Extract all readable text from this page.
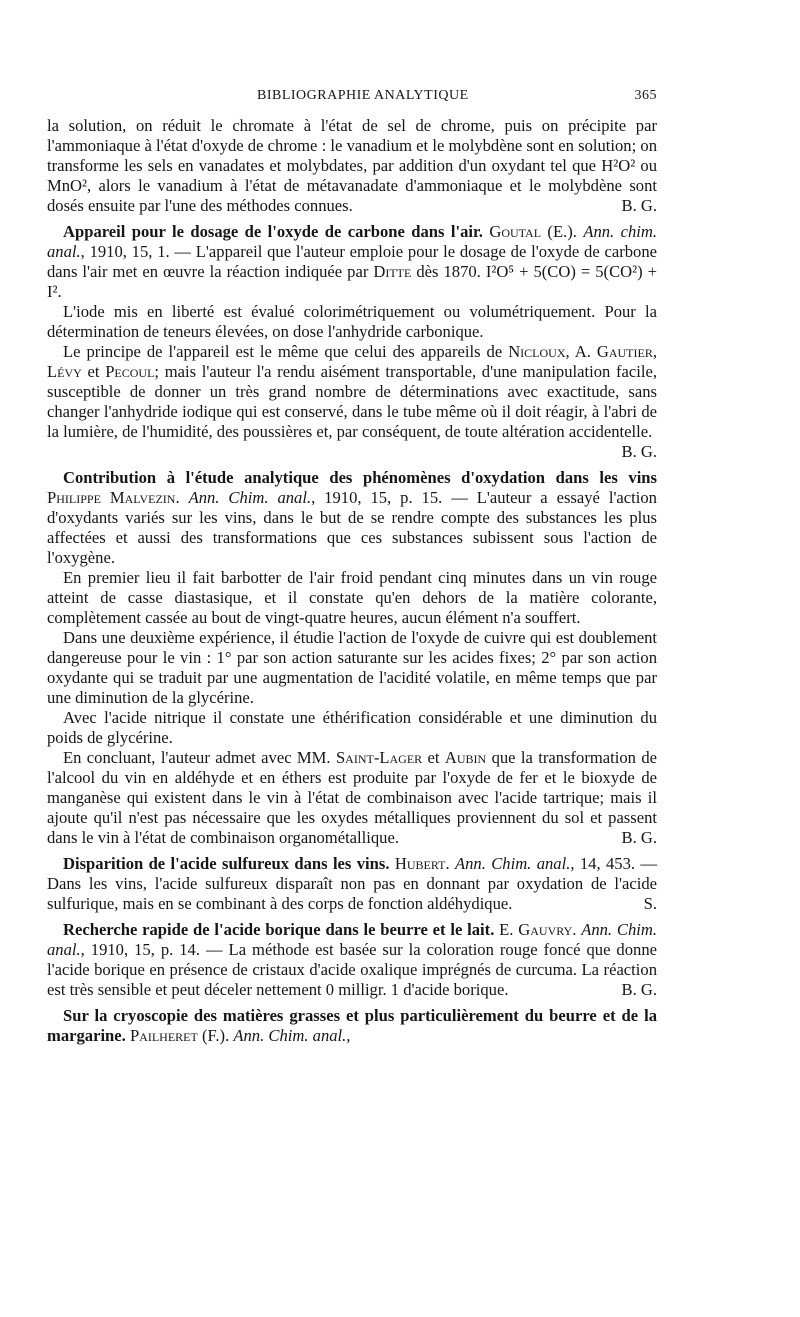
BIBLIOGRAPHIE ANALYTIQUE	365

la solution, on réduit le chromate à l'état de sel de chrome, puis on précipite par l'ammoniaque à l'état d'oxyde de chrome : le vanadium et le molybdène sont en solution; on transforme les sels en vanadates et molybdates, par addition d'un oxydant tel que H²O² ou MnO², alors le vanadium à l'état de métavanadate d'ammoniaque et le molybdène sont dosés ensuite par l'une des méthodes connues.	B. G.

Appareil pour le dosage de l'oxyde de carbone dans l'air. Goutal (E.). Ann. chim. anal., 1910, 15, 1. — L'appareil que l'auteur emploie pour le dosage de l'oxyde de carbone dans l'air met en œuvre la réaction indiquée par Ditte dès 1870. I²O⁵ + 5(CO) = 5(CO²) + I².

L'iode mis en liberté est évalué colorimétriquement ou volumétriquement. Pour la détermination de teneurs élevées, on dose l'anhydride carbonique.

Le principe de l'appareil est le même que celui des appareils de Nicloux, A. Gautier, Lévy et Pecoul; mais l'auteur l'a rendu aisément transportable, d'une manipulation facile, susceptible de donner un très grand nombre de déterminations avec exactitude, sans changer l'anhydride iodique qui est conservé, dans le tube même où il doit réagir, à l'abri de la lumière, de l'humidité, des poussières et, par conséquent, de toute altération accidentelle.
B. G.

Contribution à l'étude analytique des phénomènes d'oxydation dans les vins Philippe Malvezin. Ann. Chim. anal., 1910, 15, p. 15. — L'auteur a essayé l'action d'oxydants variés sur les vins, dans le but de se rendre compte des substances les plus affectées et aussi des transformations que ces substances subissent sous l'action de l'oxygène.

En premier lieu il fait barbotter de l'air froid pendant cinq minutes dans un vin rouge atteint de casse diastasique, et il constate qu'en dehors de la matière colorante, complètement cassée au bout de vingt-quatre heures, aucun élément n'a souffert.

Dans une deuxième expérience, il étudie l'action de l'oxyde de cuivre qui est doublement dangereuse pour le vin : 1° par son action saturante sur les acides fixes; 2° par son action oxydante qui se traduit par une augmentation de l'acidité volatile, en même temps que par une diminution de la glycérine.

Avec l'acide nitrique il constate une éthérification considérable et une diminution du poids de glycérine.

En concluant, l'auteur admet avec MM. Saint-Lager et Aubin que la transformation de l'alcool du vin en aldéhyde et en éthers est produite par l'oxyde de fer et le bioxyde de manganèse qui existent dans le vin à l'état de combinaison avec l'acide tartrique; mais il ajoute qu'il n'est pas nécessaire que les oxydes métalliques proviennent du sol et passent dans le vin à l'état de combinaison organométallique.	B. G.

Disparition de l'acide sulfureux dans les vins. Hubert. Ann. Chim. anal., 14, 453. — Dans les vins, l'acide sulfureux disparaît non pas en donnant par oxydation de l'acide sulfurique, mais en se combinant à des corps de fonction aldéhydique.	S.

Recherche rapide de l'acide borique dans le beurre et le lait. E. Gauvry. Ann. Chim. anal., 1910, 15, p. 14. — La méthode est basée sur la coloration rouge foncé que donne l'acide borique en présence de cristaux d'acide oxalique imprégnés de curcuma. La réaction est très sensible et peut déceler nettement 0 milligr. 1 d'acide borique.	B. G.

Sur la cryoscopie des matières grasses et plus particulièrement du beurre et de la margarine. Pailheret (F.). Ann. Chim. anal.,
